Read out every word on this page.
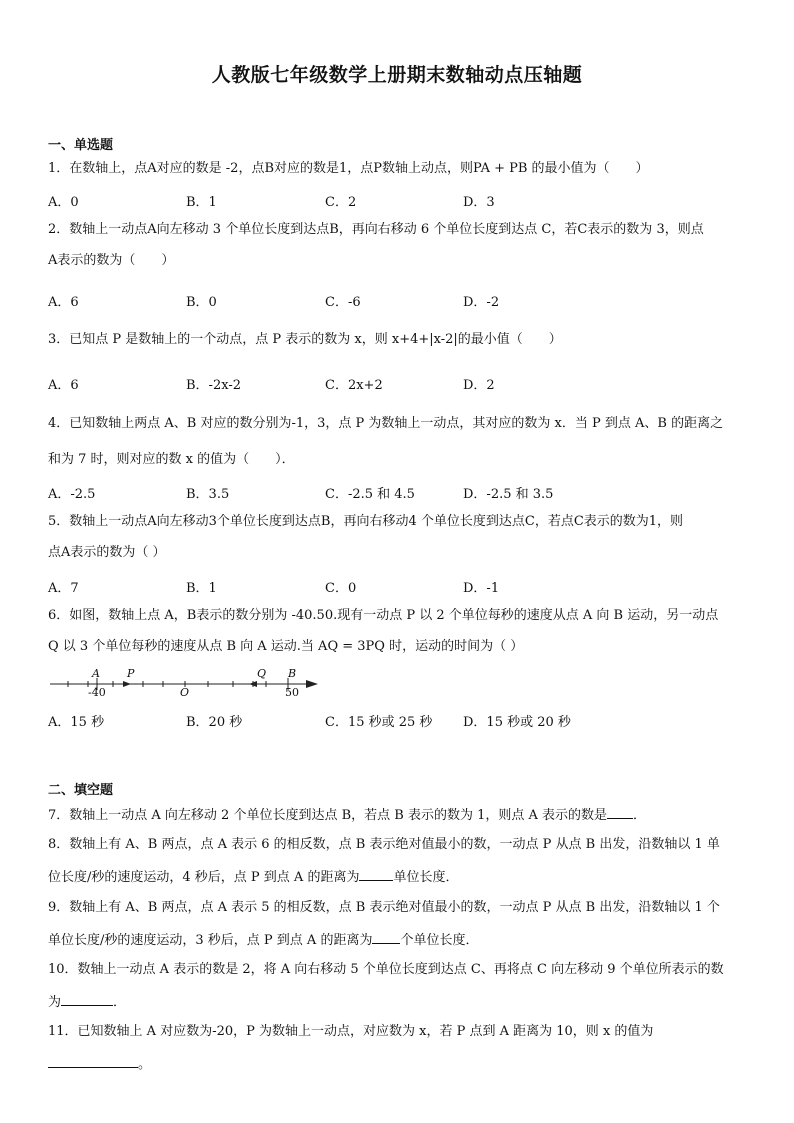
人教版七年级数学上册期末数轴动点压轴题
一、单选题
1．在数轴上，点A对应的数是 -2，点B对应的数是1，点P数轴上动点，则PA + PB 的最小值为（　　）
A．0	B．1	C．2	D．3
2．数轴上一动点A向左移动 3 个单位长度到达点B，再向右移动 6 个单位长度到达点 C，若C表示的数为 3，则点
A表示的数为（　　）
A．6	B．0	C．-6	D．-2
3．已知点 P 是数轴上的一个动点，点 P 表示的数为 x，则 x+4+|x-2|的最小值（　　）
A．6	B．-2x-2	C．2x+2	D．2
4．已知数轴上两点 A、B 对应的数分别为-1，3，点 P 为数轴上一动点，其对应的数为 x．当 P 到点 A、B 的距离之
和为 7 时，则对应的数 x 的值为（　　）．
A．-2.5	B．3.5	C．-2.5 和 4.5	D．-2.5 和 3.5
5．数轴上一动点A向左移动3个单位长度到达点B，再向右移动4 个单位长度到达点C，若点C表示的数为1，则
点A表示的数为（ ）
A．7	B．1	C．0	D．-1
6．如图，数轴上点 A，B表示的数分别为 -40.50.现有一动点 P 以 2 个单位每秒的速度从点 A 向 B 运动，另一动点
Q 以 3 个单位每秒的速度从点 B 向 A 运动.当 AQ = 3PQ 时，运动的时间为（ ）
A P
O
Q B
-40	50
A．15 秒	B．20 秒	C．15 秒或 25 秒 D．15 秒或 20 秒
二、填空题
7．数轴上一动点 A 向左移动 2 个单位长度到达点 B，若点 B 表示的数为 1，则点 A 表示的数是 ．
8．数轴上有 A、B 两点，点 A 表示 6 的相反数，点 B 表示绝对值最小的数，一动点 P 从点 B 出发，沿数轴以 1 单
位长度/秒的速度运动，4 秒后，点 P 到点 A 的距离为	单位长度．
9．数轴上有 A、B 两点，点 A 表示 5 的相反数，点 B 表示绝对值最小的数，一动点 P 从点 B 出发，沿数轴以 1 个
单位长度/秒的速度运动，3 秒后，点 P 到点 A 的距离为 个单位长度．
10．数轴上一动点 A 表示的数是 2，将 A 向右移动 5 个单位长度到达点 C、再将点 C 向左移动 9 个单位所表示的数
为	．
11．已知数轴上 A 对应数为-20，P 为数轴上一动点，对应数为 x，若 P 点到 A 距离为 10，则 x 的值为
。
